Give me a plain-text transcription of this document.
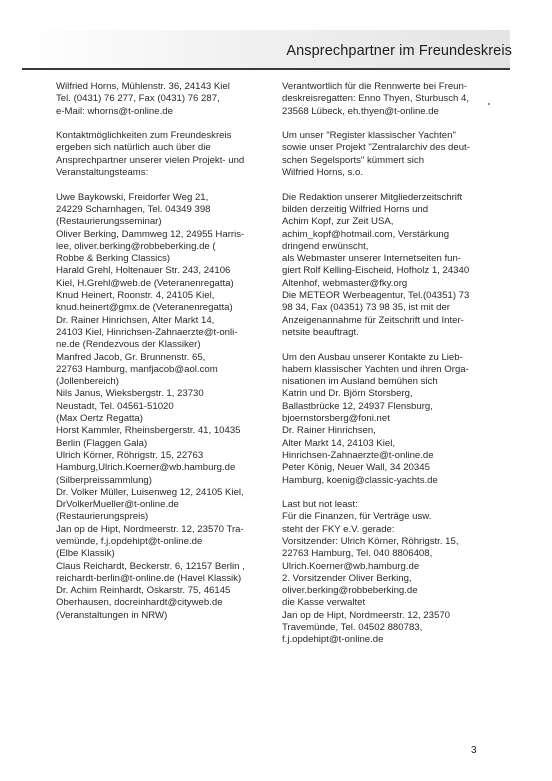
Ansprechpartner im Freundeskreis

Wilfried Horns, Mühlenstr. 36, 24143 Kiel
Tel. (0431) 76 277, Fax (0431) 76 287,
e-Mail: whorns@t-online.de

Kontaktmöglichkeiten zum Freundeskreis
ergeben sich natürlich auch über die
Ansprechpartner unserer vielen Projekt- und
Veranstaltungsteams:

Uwe Baykowski, Freidorfer Weg 21,
24229 Scharnhagen, Tel. 04349 398
(Restaurierungsseminar)
Oliver Berking, Dammweg 12, 24955 Harris-
lee, oliver.berking@robbeberking.de (
Robbe & Berking Classics)
Harald Grehl, Holtenauer Str. 243, 24106
Kiel, H.Grehl@web.de (Veteranenregatta)
Knud Heinert, Roonstr. 4, 24105 Kiel,
knud.heinert@gmx.de (Veteranenregatta)
Dr. Rainer Hinrichsen, Alter Markt 14,
24103 Kiel, Hinrichsen-Zahnaerzte@t-onli-
ne.de (Rendezvous der Klassiker)
Manfred Jacob, Gr. Brunnenstr. 65,
22763 Hamburg, manfjacob@aol.com
(Jollenbereich)
Nils Janus, Wieksbergstr. 1, 23730
Neustadt, Tel. 04561-51020
(Max Oertz Regatta)
Horst Kammler, Rheinsbergerstr. 41, 10435
Berlin (Flaggen Gala)
Ulrich Körner, Röhrigstr. 15, 22763
Hamburg,Ulrich.Koerner@wb.hamburg.de
(Silberpreissammlung)
Dr. Volker Müller, Luisenweg 12, 24105 Kiel,
DrVolkerMueller@t-online.de
(Restaurierungspreis)
Jan op de Hipt, Nordmeerstr. 12, 23570 Tra-
vemünde, f.j.opdehipt@t-online.de
(Elbe Klassik)
Claus Reichardt, Beckerstr. 6, 12157 Berlin ,
reichardt-berlin@t-online.de (Havel Klassik)
Dr. Achim Reinhardt, Oskarstr. 75, 46145
Oberhausen, docreinhardt@cityweb.de
(Veranstaltungen in NRW)

Verantwortlich für die Rennwerte bei Freun-
deskreisregatten: Enno Thyen, Sturbusch 4,
23568 Lübeck, eh.thyen@t-online.de

Um unser "Register klassischer Yachten"
sowie unser Projekt "Zentralarchiv des deut-
schen Segelsports" kümmert sich
Wilfried Horns, s.o.

Die Redaktion unserer Mitgliederzeitschrift
bilden derzeitig Wilfried Horns und
Achim Kopf, zur Zeit USA,
achim_kopf@hotmail.com, Verstärkung
dringend erwünscht,
als Webmaster unserer Internetseiten fun-
giert Rolf Kelling-Eischeid, Hofholz 1, 24340
Altenhof, webmaster@fky.org
Die METEOR Werbeagentur, Tel.(04351) 73
98 34, Fax (04351) 73 98 35, ist mit der
Anzeigenannahme für Zeitschrift und Inter-
netsite beauftragt.

Um den Ausbau unserer Kontakte zu Lieb-
habern klassischer Yachten und ihren Orga-
nisationen im Ausland bemühen sich
Katrin und Dr. Björn Storsberg,
Ballastbrücke 12, 24937 Flensburg,
bjoernstorsberg@foni.net
Dr. Rainer Hinrichsen,
Alter Markt 14, 24103 Kiel,
Hinrichsen-Zahnaerzte@t-online.de
Peter König, Neuer Wall, 34 20345
Hamburg, koenig@classic-yachts.de

Last but not least:
Für die Finanzen, für Verträge usw.
steht der FKY e.V. gerade:
Vorsitzender: Ulrich Körner, Röhrigstr. 15,
22763 Hamburg, Tel. 040 8806408,
Ulrich.Koerner@wb.hamburg.de
2. Vorsitzender Oliver Berking,
oliver.berking@robbeberking.de
die Kasse verwaltet
Jan op de Hipt, Nordmeerstr. 12, 23570
Travemünde, Tel. 04502 880783,
f.j.opdehipt@t-online.de

3
